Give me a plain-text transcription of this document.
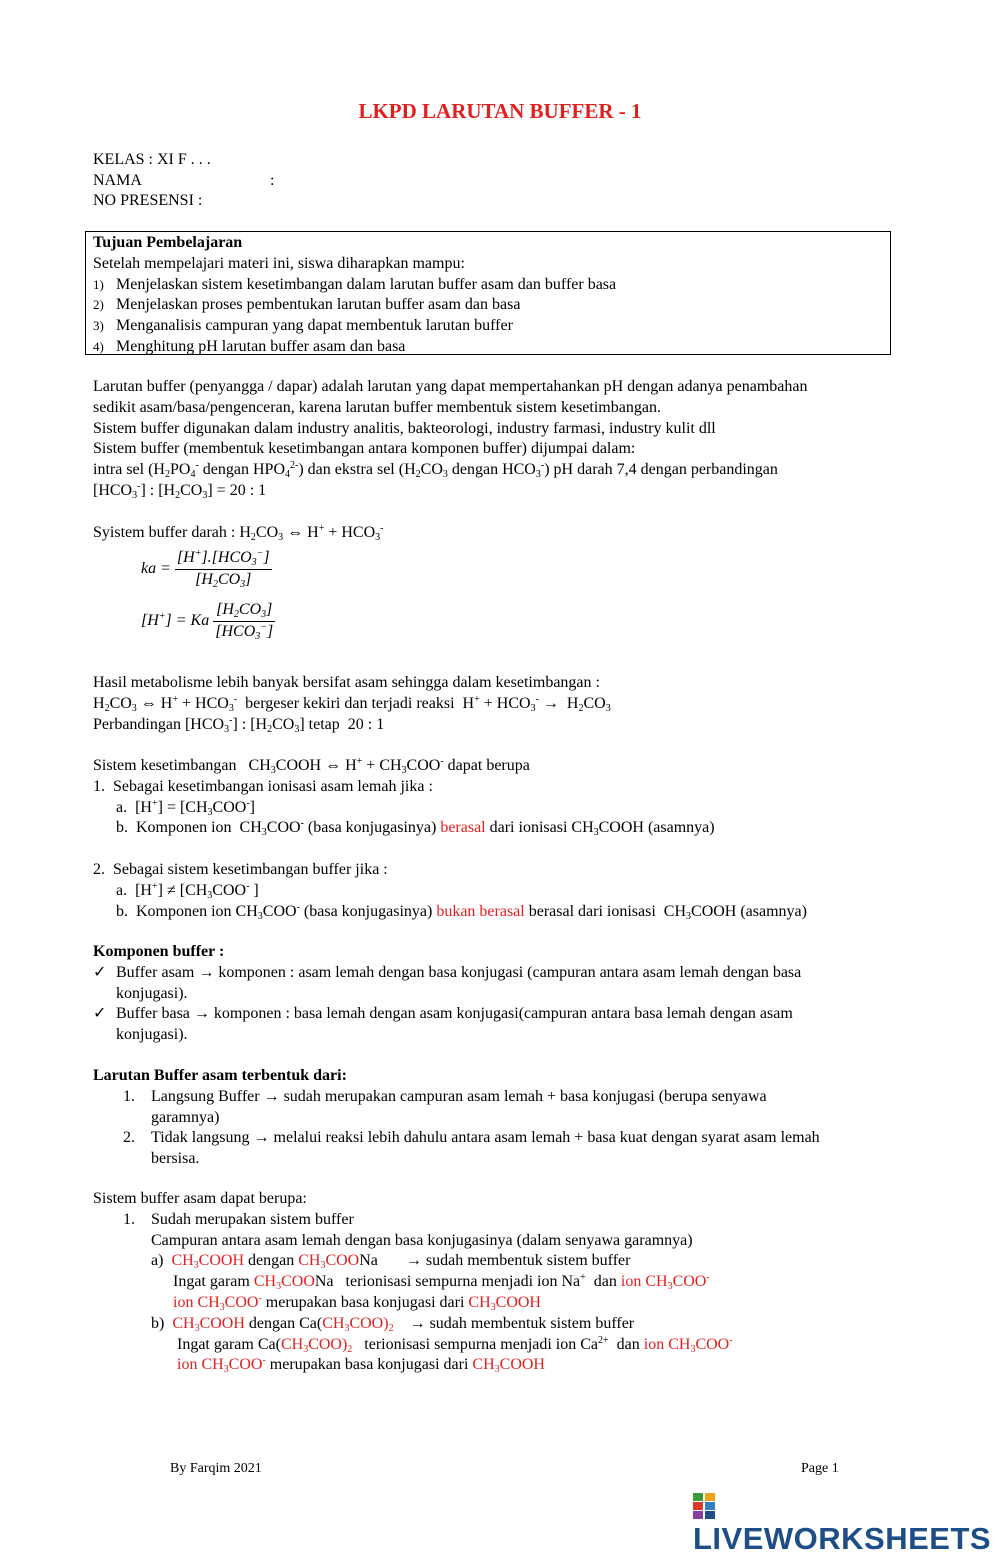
LKPD LARUTAN BUFFER - 1
KELAS : XI F . . .
NAMA	:
NO PRESENSI :
Tujuan Pembelajaran
Setelah mempelajari materi ini, siswa diharapkan mampu:
1) Menjelaskan sistem kesetimbangan dalam larutan buffer asam dan buffer basa
2) Menjelaskan proses pembentukan larutan buffer asam dan basa
3) Menganalisis campuran yang dapat membentuk larutan buffer
4) Menghitung pH larutan buffer asam dan basa
Larutan buffer (penyangga / dapar) adalah larutan yang dapat mempertahankan pH dengan adanya penambahan
sedikit asam/basa/pengenceran, karena larutan buffer membentuk sistem kesetimbangan.
Sistem buffer digunakan dalam industry analitis, bakteorologi, industry farmasi, industry kulit dll
Sistem buffer (membentuk kesetimbangan antara komponen buffer) dijumpai dalam:
intra sel ($H_2PO_4^-$ dengan $HPO_4^{2-}$) dan ekstra sel ($H_2CO_3$ dengan $HCO_3^-$) pH darah 7,4 dengan perbandingan
$[HCO_3^-]$ : $[H_2CO_3] = 20$ : 1
Syistem buffer darah : $H_2CO_3$ ⇔ $H^+ + HCO_3^-$
ka = $\frac{[H^+].[HCO_3^-]}{[H_2CO_3]}$
[H+] = Ka $\frac{[H_2CO_3]}{[HCO_3^-]}$
Hasil metabolisme lebih banyak bersifat asam sehingga dalam kesetimbangan :
$H_2CO_3$ ⇔ $H^+ + HCO_3^-$  bergeser kekiri dan terjadi reaksi  $H^+ + HCO_3^- \to H_2CO_3$
Perbandingan $[HCO_3^-]$ : $[H_2CO_3]$ tetap  20 : 1
Sistem kesetimbangan   $CH_3COOH$ ⇔ $H^+ + CH_3COO^-$ dapat berupa
1.  Sebagai kesetimbangan ionisasi asam lemah jika :
a.  $[H^+] = [CH_3COO^-]$
b.  Komponen ion  $CH_3COO^-$ (basa konjugasinya) berasal dari ionisasi $CH_3COOH$ (asamnya)
2.  Sebagai sistem kesetimbangan buffer jika :
a.  $[H^+] \ne [CH_3COO^-$ ]
b.  Komponen ion $CH_3COO^-$ (basa konjugasinya) bukan berasal berasal dari ionisasi  $CH_3COOH$ (asamnya)
Komponen buffer :
✓ Buffer asam → komponen : asam lemah dengan basa konjugasi (campuran antara asam lemah dengan basa
konjugasi).
✓ Buffer basa → komponen : basa lemah dengan asam konjugasi(campuran antara basa lemah dengan asam
konjugasi).
Larutan Buffer asam terbentuk dari:
1. Langsung Buffer → sudah merupakan campuran asam lemah + basa konjugasi (berupa senyawa
garamnya)
2. Tidak langsung → melalui reaksi lebih dahulu antara asam lemah + basa kuat dengan syarat asam lemah
bersisa.
Sistem buffer asam dapat berupa:
1. Sudah merupakan sistem buffer
Campuran antara asam lemah dengan basa konjugasinya (dalam senyawa garamnya)
a)  $CH_3COOH$ dengan $CH_3COONa$       → sudah membentuk sistem buffer
Ingat garam $CH_3COONa$   terionisasi sempurna menjadi ion Na+  dan ion $CH_3COO^-$
ion $CH_3COO^-$ merupakan basa konjugasi dari $CH_3COOH$
b)  $CH_3COOH$ dengan $Ca(CH_3COO)_2$    → sudah membentuk sistem buffer
Ingat garam $Ca(CH_3COO)_2$   terionisasi sempurna menjadi ion $Ca^{2+}$  dan ion $CH_3COO^-$
ion $CH_3COO^-$ merupakan basa konjugasi dari $CH_3COOH$
By Farqim 2021	Page 1
LIVEWORKSHEETS
